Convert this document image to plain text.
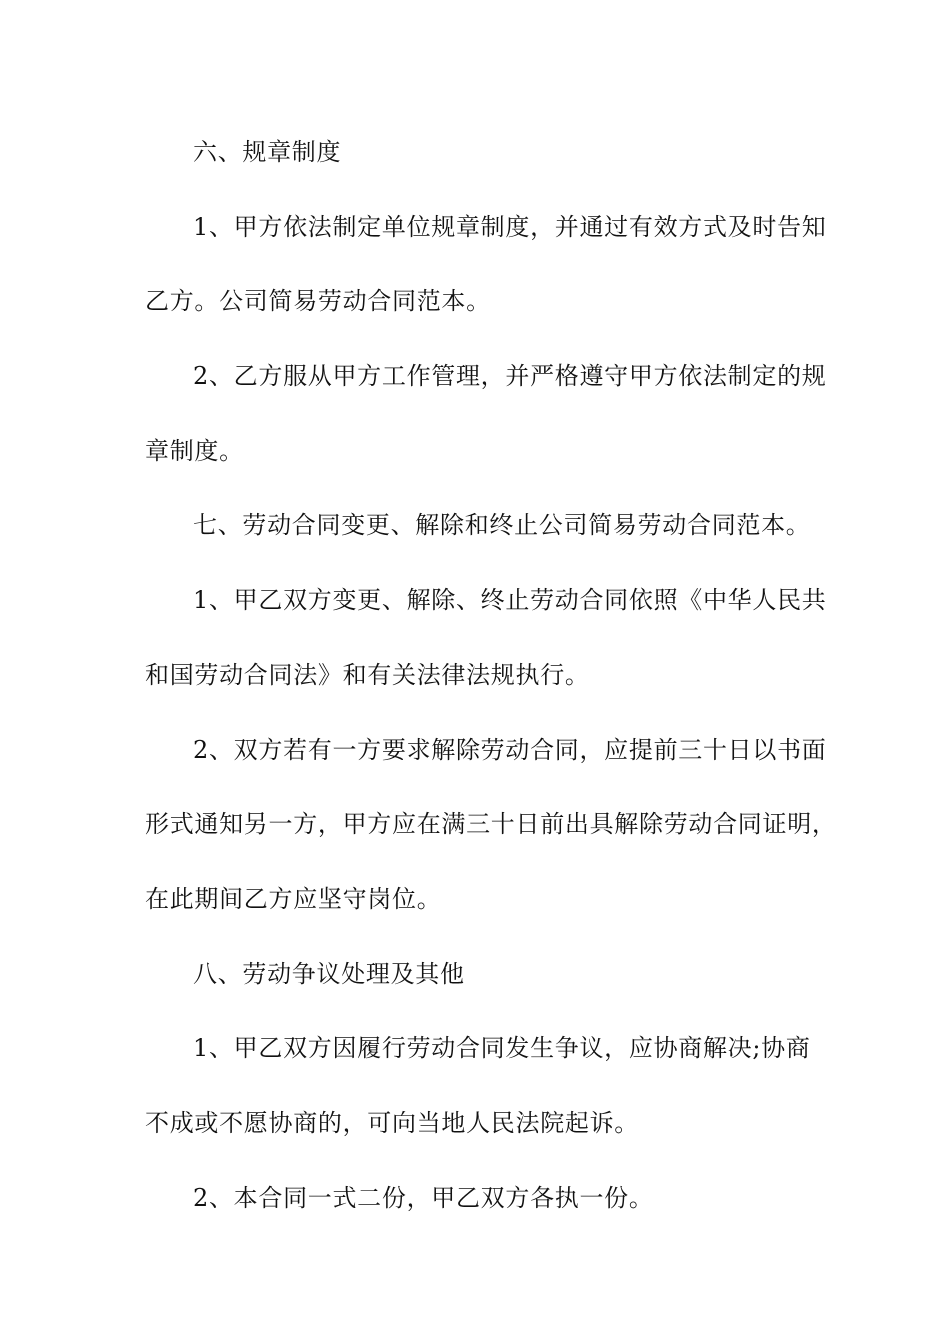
六、规章制度
1、甲方依法制定单位规章制度，并通过有效方式及时告知
乙方。公司简易劳动合同范本。
2、乙方服从甲方工作管理，并严格遵守甲方依法制定的规
章制度。
七、劳动合同变更、解除和终止公司简易劳动合同范本。
1、甲乙双方变更、解除、终止劳动合同依照《中华人民共
和国劳动合同法》和有关法律法规执行。
2、双方若有一方要求解除劳动合同，应提前三十日以书面
形式通知另一方，甲方应在满三十日前出具解除劳动合同证明，
在此期间乙方应坚守岗位。
八、劳动争议处理及其他
1、甲乙双方因履行劳动合同发生争议，应协商解决;协商
不成或不愿协商的，可向当地人民法院起诉。
2、本合同一式二份，甲乙双方各执一份。
